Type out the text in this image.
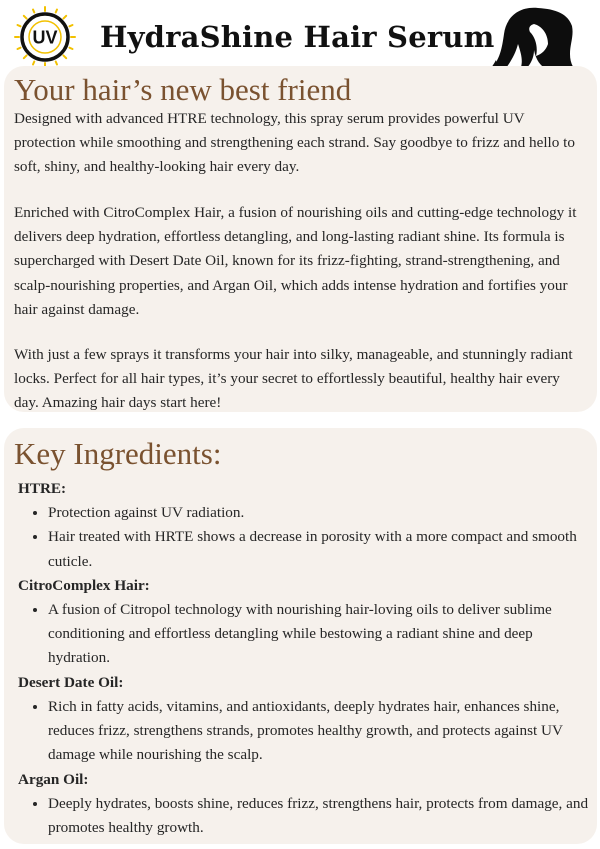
UV HydraShine Hair Serum
Your hair’s new best friend
Designed with advanced HTRE technology, this spray serum provides powerful UV protection while smoothing and strengthening each strand. Say goodbye to frizz and hello to soft, shiny, and healthy-looking hair every day.
Enriched with CitroComplex Hair, a fusion of nourishing oils and cutting-edge technology it delivers deep hydration, effortless detangling, and long-lasting radiant shine. Its formula is supercharged with Desert Date Oil, known for its frizz-fighting, strand-strengthening, and scalp-nourishing properties, and Argan Oil, which adds intense hydration and fortifies your hair against damage.
With just a few sprays it transforms your hair into silky, manageable, and stunningly radiant locks. Perfect for all hair types, it’s your secret to effortlessly beautiful, healthy hair every day. Amazing hair days start here!
Key Ingredients:
HTRE:
• Protection against UV radiation.
• Hair treated with HRTE shows a decrease in porosity with a more compact and smooth cuticle.
CitroComplex Hair:
• A fusion of Citropol technology with nourishing hair-loving oils to deliver sublime conditioning and effortless detangling while bestowing a radiant shine and deep hydration.
Desert Date Oil:
• Rich in fatty acids, vitamins, and antioxidants, deeply hydrates hair, enhances shine, reduces frizz, strengthens strands, promotes healthy growth, and protects against UV damage while nourishing the scalp.
Argan Oil:
• Deeply hydrates, boosts shine, reduces frizz, strengthens hair, protects from damage, and promotes healthy growth.
